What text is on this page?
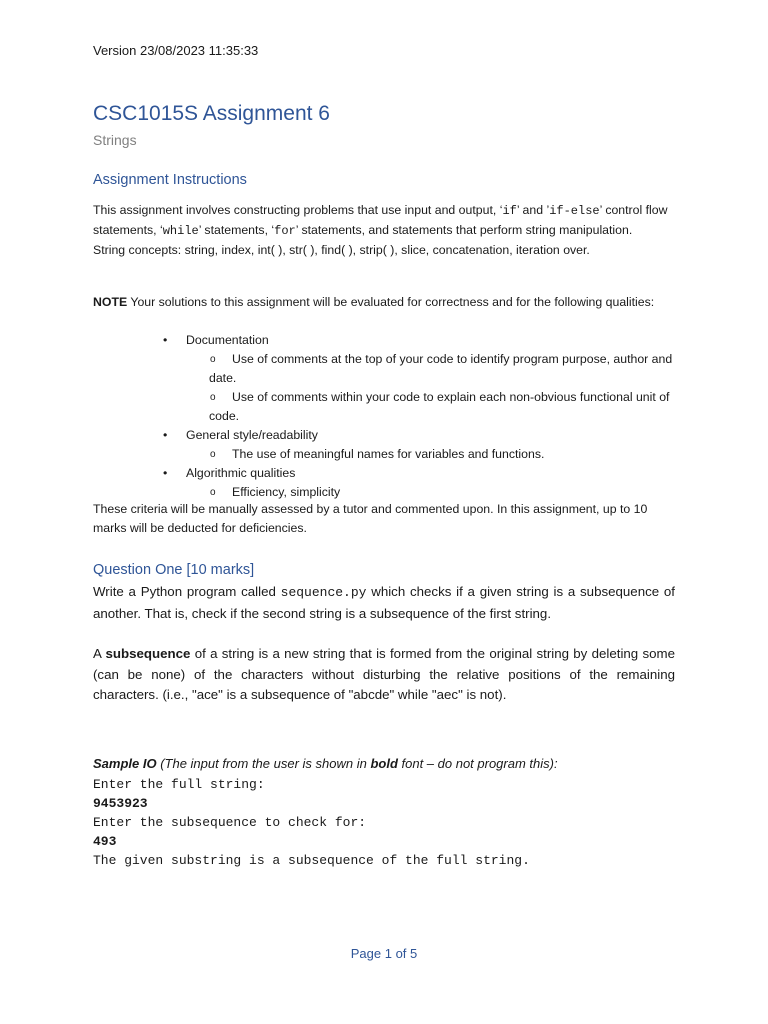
Version 23/08/2023 11:35:33
CSC1015S Assignment 6
Strings
Assignment Instructions
This assignment involves constructing problems that use input and output, ‘if’ and ’if-else’ control flow statements, ‘while’ statements, ‘for’ statements, and statements that perform string manipulation.
String concepts: string, index, int( ), str( ), find( ), strip( ), slice, concatenation, iteration over.
NOTE Your solutions to this assignment will be evaluated for correctness and for the following qualities:
• Documentation
o Use of comments at the top of your code to identify program purpose, author and date.
o Use of comments within your code to explain each non-obvious functional unit of code.
• General style/readability
o The use of meaningful names for variables and functions.
• Algorithmic qualities
o Efficiency, simplicity
These criteria will be manually assessed by a tutor and commented upon. In this assignment, up to 10 marks will be deducted for deficiencies.
Question One [10 marks]
Write a Python program called sequence.py which checks if a given string is a subsequence of another. That is, check if the second string is a subsequence of the first string.
A subsequence of a string is a new string that is formed from the original string by deleting some (can be none) of the characters without disturbing the relative positions of the remaining characters. (i.e., "ace" is a subsequence of "abcde" while "aec" is not).
Sample IO (The input from the user is shown in bold font – do not program this):
Enter the full string:
9453923
Enter the subsequence to check for:
493
The given substring is a subsequence of the full string.
Page 1 of 5
